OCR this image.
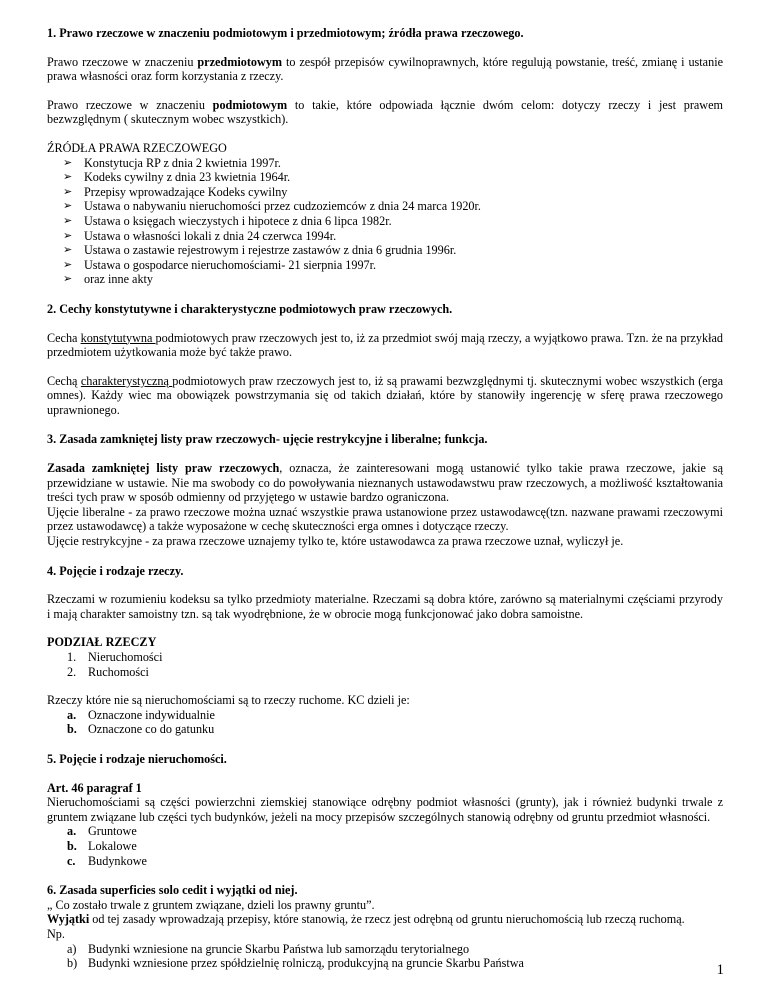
1. Prawo rzeczowe w znaczeniu podmiotowym i przedmiotowym; źródła prawa rzeczowego.

Prawo rzeczowe w znaczeniu przedmiotowym to zespół przepisów cywilnoprawnych, które regulują powstanie, treść, zmianę i ustanie prawa własności oraz form korzystania z rzeczy.

Prawo rzeczowe w znaczeniu podmiotowym to takie, które odpowiada łącznie dwóm celom: dotyczy rzeczy i jest prawem bezwzględnym ( skutecznym wobec wszystkich).

ŹRÓDŁA PRAWA RZECZOWEGO

➢ Konstytucja RP z dnia 2 kwietnia 1997r.
➢ Kodeks cywilny z dnia 23 kwietnia 1964r.
➢ Przepisy wprowadzające Kodeks cywilny
➢ Ustawa o nabywaniu nieruchomości przez cudzoziemców z dnia 24 marca 1920r.
➢ Ustawa o księgach wieczystych i hipotece z dnia 6 lipca 1982r.
➢ Ustawa o własności lokali z dnia 24 czerwca 1994r.
➢ Ustawa o zastawie rejestrowym i rejestrze zastawów z dnia 6 grudnia 1996r.
➢ Ustawa o gospodarce nieruchomościami- 21 sierpnia 1997r.
➢ oraz inne akty

2. Cechy konstytutywne i charakterystyczne podmiotowych praw rzeczowych.

Cecha konstytutywna podmiotowych praw rzeczowych jest to, iż za przedmiot swój mają rzeczy, a wyjątkowo prawa. Tzn. że na przykład przedmiotem użytkowania może być także prawo.

Cechą charakterystyczną podmiotowych praw rzeczowych jest to, iż są prawami bezwzględnymi tj. skutecznymi wobec wszystkich (erga omnes). Każdy wiec ma obowiązek powstrzymania się od takich działań, które by stanowiły ingerencję w sferę prawa rzeczowego uprawnionego.

3. Zasada zamkniętej listy praw rzeczowych- ujęcie restrykcyjne i liberalne; funkcja.

Zasada zamkniętej listy praw rzeczowych, oznacza, że zainteresowani mogą ustanowić tylko takie prawa rzeczowe, jakie są przewidziane w ustawie. Nie ma swobody co do powoływania nieznanych ustawodawstwu praw rzeczowych, a możliwość kształtowania treści tych praw w sposób odmienny od przyjętego w ustawie bardzo ograniczona.

Ujęcie liberalne - za prawo rzeczowe można uznać wszystkie prawa ustanowione przez ustawodawcę(tzn. nazwane prawami rzeczowymi przez ustawodawcę) a także wyposażone w cechę skuteczności erga omnes i dotyczące rzeczy.

Ujęcie restrykcyjne - za prawa rzeczowe uznajemy tylko te, które ustawodawca za prawa rzeczowe uznał, wyliczył je.

4. Pojęcie i rodzaje rzeczy.

Rzeczami w rozumieniu kodeksu sa tylko przedmioty materialne. Rzeczami są dobra które, zarówno są materialnymi częściami przyrody i mają charakter samoistny tzn. są tak wyodrębnione, że w obrocie mogą funkcjonować jako dobra samoistne.

PODZIAŁ RZECZY

1. Nieruchomości
2. Ruchomości

Rzeczy które nie są nieruchomościami są to rzeczy ruchome. KC dzieli je:

a. Oznaczone indywidualnie
b. Oznaczone co do gatunku

5. Pojęcie i rodzaje nieruchomości.

Art. 46 paragraf 1

Nieruchomościami są części powierzchni ziemskiej stanowiące odrębny podmiot własności (grunty), jak i również budynki trwale z gruntem związane lub części tych budynków, jeżeli na mocy przepisów szczególnych stanowią odrębny od gruntu przedmiot własności.

a. Gruntowe
b. Lokalowe
c. Budynkowe

6. Zasada superficies solo cedit i wyjątki od niej.

„ Co zostało trwale z gruntem związane, dzieli los prawny gruntu”.

Wyjątki od tej zasady wprowadzają przepisy, które stanowią, że rzecz jest odrębną od gruntu nieruchomością lub rzeczą ruchomą.

Np.

a) Budynki wzniesione na gruncie Skarbu Państwa lub samorządu terytorialnego
b) Budynki wzniesione przez spółdzielnię rolniczą, produkcyjną na gruncie Skarbu Państwa	1
